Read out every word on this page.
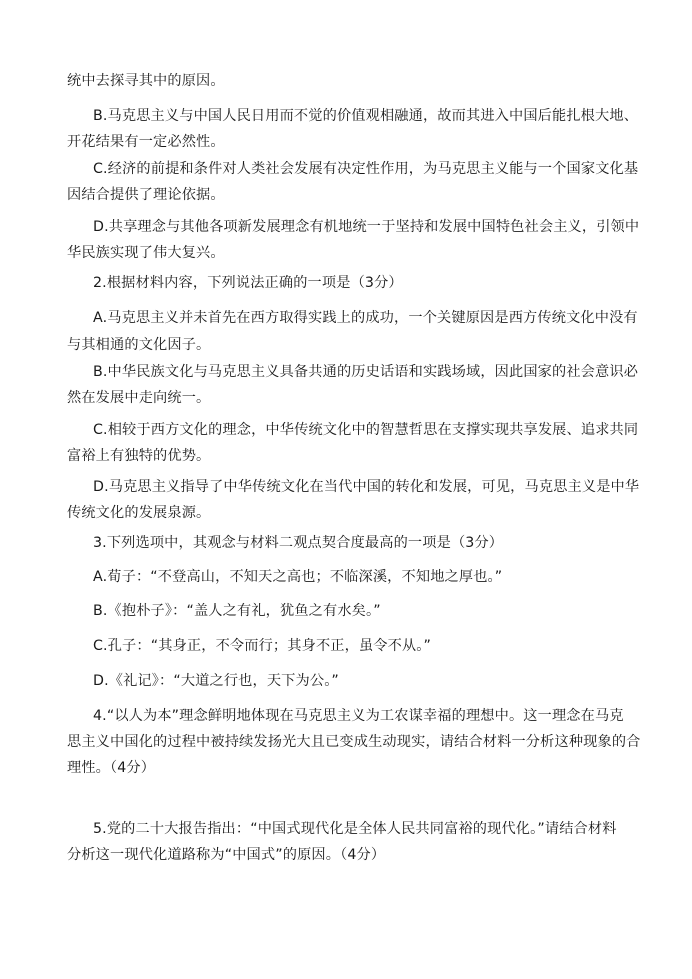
统中去探寻其中的原因。
B.马克思主义与中国人民日用而不觉的价值观相融通，故而其进入中国后能扎根大地、
开花结果有一定必然性。
C.经济的前提和条件对人类社会发展有决定性作用，为马克思主义能与一个国家文化基
因结合提供了理论依据。
D.共享理念与其他各项新发展理念有机地统一于坚持和发展中国特色社会主义，引领中
华民族实现了伟大复兴。
2.根据材料内容，下列说法正确的一项是（3分）
A.马克思主义并未首先在西方取得实践上的成功，一个关键原因是西方传统文化中没有
与其相通的文化因子。
B.中华民族文化与马克思主义具备共通的历史话语和实践场域，因此国家的社会意识必
然在发展中走向统一。
C.相较于西方文化的理念，中华传统文化中的智慧哲思在支撑实现共享发展、追求共同
富裕上有独特的优势。
D.马克思主义指导了中华传统文化在当代中国的转化和发展，可见，马克思主义是中华
传统文化的发展泉源。
3.下列选项中，其观念与材料二观点契合度最高的一项是（3分）
A.荀子：“不登高山，不知天之高也；不临深溪，不知地之厚也。”
B.《抱朴子》：“盖人之有礼，犹鱼之有水矣。”
C.孔子：“其身正，不令而行；其身不正，虽令不从。”
D.《礼记》：“大道之行也，天下为公。”
4.“以人为本”理念鲜明地体现在马克思主义为工农谋幸福的理想中。这一理念在马克
思主义中国化的过程中被持续发扬光大且已变成生动现实，请结合材料一分析这种现象的合
理性。（4分）
5.党的二十大报告指出：“中国式现代化是全体人民共同富裕的现代化。”请结合材料
分析这一现代化道路称为“中国式”的原因。（4分）
